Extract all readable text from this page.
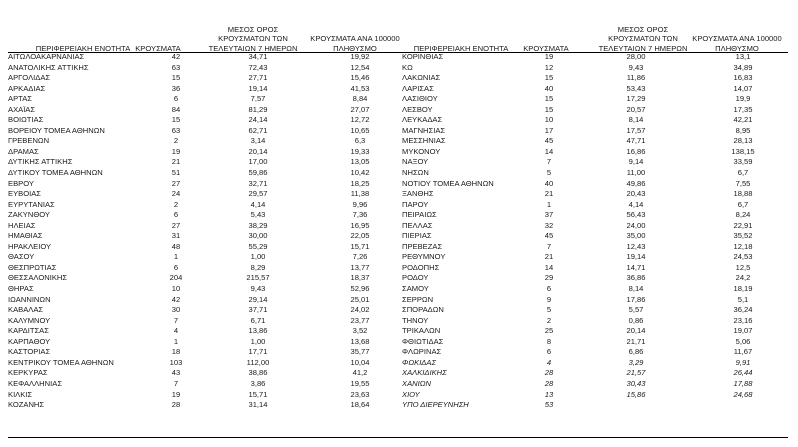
ΠΕΡΙΦΕΡΕΙΑΚΗ ΕΝΟΤΗΤΑ ΚΡΟΥΣΜΑΤΑ
ΜΕΣΟΣ ΟΡΟΣ
ΚΡΟΥΣΜΑΤΩΝ ΤΩΝ
ΤΕΛΕΥΤΑΙΩΝ 7 ΗΜΕΡΩΝ
ΚΡΟΥΣΜΑΤΑ ΑΝΑ 100000
ΠΛΗΘΥΣΜΟ	ΠΕΡΙΦΕΡΕΙΑΚΗ ΕΝΟΤΗΤΑ ΚΡΟΥΣΜΑΤΑ
ΜΕΣΟΣ ΟΡΟΣ
ΚΡΟΥΣΜΑΤΩΝ ΤΩΝ
ΤΕΛΕΥΤΑΙΩΝ 7 ΗΜΕΡΩΝ
ΚΡΟΥΣΜΑΤΑ ΑΝΑ 100000
ΠΛΗΘΥΣΜΟ
ΑΙΤΩΛΟΑΚΑΡΝΑΝΙΑΣ	42	34,71	19,92
ΑΝΑΤΟΛΙΚΗΣ ΑΤΤΙΚΗΣ	63	72,43	12,54
ΑΡΓΟΛΙΔΑΣ	15	27,71	15,46
ΑΡΚΑΔΙΑΣ	36	19,14	41,53
ΑΡΤΑΣ	6	7,57	8,84
ΑΧΑΪΑΣ	84	81,29	27,07
ΒΟΙΩΤΙΑΣ	15	24,14	12,72
ΒΟΡΕΙΟΥ ΤΟΜΕΑ ΑΘΗΝΩΝ	63	62,71	10,65
ΓΡΕΒΕΝΩΝ	2	3,14	6,3
ΔΡΑΜΑΣ	19	20,14	19,33
ΔΥΤΙΚΗΣ ΑΤΤΙΚΗΣ	21	17,00	13,05
ΔΥΤΙΚΟΥ ΤΟΜΕΑ ΑΘΗΝΩΝ	51	59,86	10,42
ΕΒΡΟΥ	27	32,71	18,25
ΕΥΒΟΙΑΣ	24	29,57	11,38
ΕΥΡΥΤΑΝΙΑΣ	2	4,14	9,96
ΖΑΚΥΝΘΟΥ	6	5,43	7,36
ΗΛΕΙΑΣ	27	38,29	16,95
ΗΜΑΘΙΑΣ	31	30,00	22,05
ΗΡΑΚΛΕΙΟΥ	48	55,29	15,71
ΘΑΣΟΥ	1	1,00	7,26
ΘΕΣΠΡΩΤΙΑΣ	6	8,29	13,77
ΘΕΣΣΑΛΟΝΙΚΗΣ	204	215,57	18,37
ΘΗΡΑΣ	10	9,43	52,96
ΙΩΑΝΝΙΝΩΝ	42	29,14	25,01
ΚΑΒΑΛΑΣ	30	37,71	24,02
ΚΑΛΥΜΝΟΥ	7	6,71	23,77
ΚΑΡΔΙΤΣΑΣ	4	13,86	3,52
ΚΑΡΠΑΘΟΥ	1	1,00	13,68
ΚΑΣΤΟΡΙΑΣ	18	17,71	35,77
ΚΕΝΤΡΙΚΟΥ ΤΟΜΕΑ ΑΘΗΝΩΝ	103	112,00	10,04
ΚΕΡΚΥΡΑΣ	43	38,86	41,2
ΚΕΦΑΛΛΗΝΙΑΣ	7	3,86	19,55
ΚΙΛΚΙΣ	19	15,71	23,63
ΚΟΖΑΝΗΣ	28	31,14	18,64
ΚΟΡΙΝΘΙΑΣ	19	28,00	13,1
ΚΩ	12	9,43	34,89
ΛΑΚΩΝΙΑΣ	15	11,86	16,83
ΛΑΡΙΣΑΣ	40	53,43	14,07
ΛΑΣΙΘΙΟΥ	15	17,29	19,9
ΛΕΣΒΟΥ	15	20,57	17,35
ΛΕΥΚΑΔΑΣ	10	8,14	42,21
ΜΑΓΝΗΣΙΑΣ	17	17,57	8,95
ΜΕΣΣΗΝΙΑΣ	45	47,71	28,13
ΜΥΚΟΝΟΥ	14	16,86	138,15
ΝΑΞΟΥ	7	9,14	33,59
ΝΗΣΩΝ	5	11,00	6,7
ΝΟΤΙΟΥ ΤΟΜΕΑ ΑΘΗΝΩΝ	40	49,86	7,55
ΞΑΝΘΗΣ	21	20,43	18,88
ΠΑΡΟΥ	1	4,14	6,7
ΠΕΙΡΑΙΩΣ	37	56,43	8,24
ΠΕΛΛΑΣ	32	24,00	22,91
ΠΙΕΡΙΑΣ	45	35,00	35,52
ΠΡΕΒΕΖΑΣ	7	12,43	12,18
ΡΕΘΥΜΝΟΥ	21	19,14	24,53
ΡΟΔΟΠΗΣ	14	14,71	12,5
ΡΟΔΟΥ	29	36,86	24,2
ΣΑΜΟΥ	6	8,14	18,19
ΣΕΡΡΩΝ	9	17,86	5,1
ΣΠΟΡΑΔΩΝ	5	5,57	36,24
ΤΗΝΟΥ	2	0,86	23,16
ΤΡΙΚΑΛΩΝ	25	20,14	19,07
ΦΘΙΩΤΙΔΑΣ	8	21,71	5,06
ΦΛΩΡΙΝΑΣ	6	6,86	11,67
ΦΩΚΙΔΑΣ	4	3,29	9,91
ΧΑΛΚΙΔΙΚΗΣ	28	21,57	26,44
ΧΑΝΙΩΝ	28	30,43	17,88
ΧΙΟΥ	13	15,86	24,68
ΥΠΟ ΔΙΕΡΕΥΝΗΣΗ	53		
